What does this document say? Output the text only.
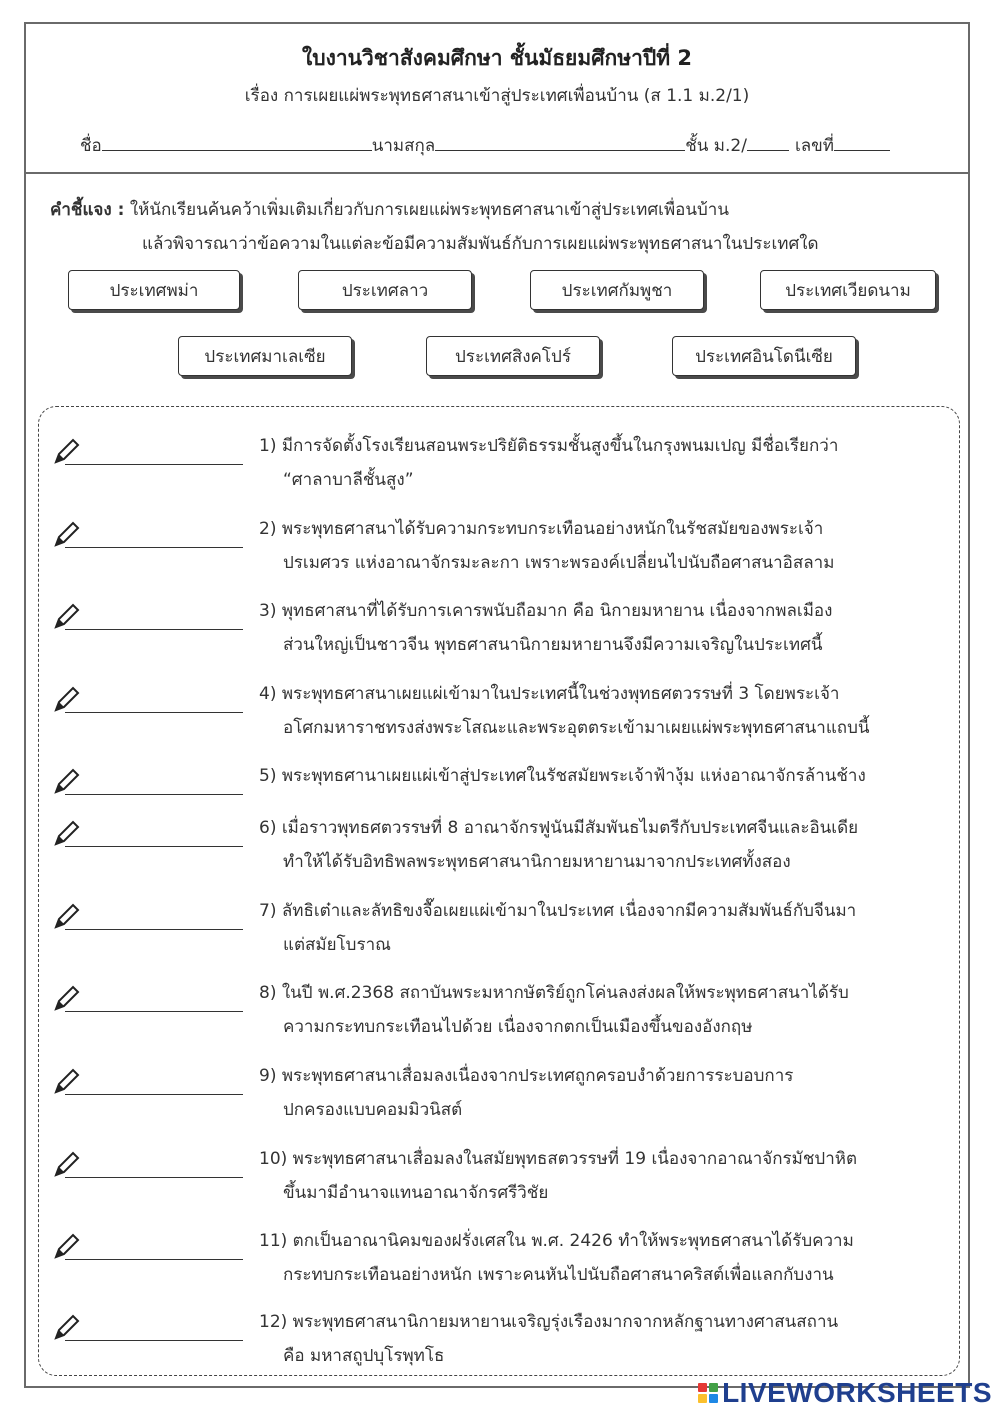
ใบงานวิชาสังคมศึกษา ชั้นมัธยมศึกษาปีที่ 2
เรื่อง การเผยแผ่พระพุทธศาสนาเข้าสู่ประเทศเพื่อนบ้าน (ส 1.1 ม.2/1)
ชื่อ	นามสกุล	ชั้น ม.2/	เลขที่
คำชี้แจง : ให้นักเรียนค้นคว้าเพิ่มเติมเกี่ยวกับการเผยแผ่พระพุทธศาสนาเข้าสู่ประเทศเพื่อนบ้าน
แล้วพิจารณาว่าข้อความในแต่ละข้อมีความสัมพันธ์กับการเผยแผ่พระพุทธศาสนาในประเทศใด
ประเทศพม่า	ประเทศลาว	ประเทศกัมพูชา	ประเทศเวียดนาม
ประเทศมาเลเซีย	ประเทศสิงคโปร์	ประเทศอินโดนีเซีย
1) มีการจัดตั้งโรงเรียนสอนพระปริยัติธรรมชั้นสูงขึ้นในกรุงพนมเปญ มีชื่อเรียกว่า
“ศาลาบาลีชั้นสูง”
2) พระพุทธศาสนาได้รับความกระทบกระเทือนอย่างหนักในรัชสมัยของพระเจ้า
ปรเมศวร แห่งอาณาจักรมะละกา เพราะพรองค์เปลี่ยนไปนับถือศาสนาอิสลาม
3) พุทธศาสนาที่ได้รับการเคารพนับถือมาก คือ นิกายมหายาน เนื่องจากพลเมือง
ส่วนใหญ่เป็นชาวจีน พุทธศาสนานิกายมหายานจึงมีความเจริญในประเทศนี้
4) พระพุทธศาสนาเผยแผ่เข้ามาในประเทศนี้ในช่วงพุทธศตวรรษที่ 3 โดยพระเจ้า
อโศกมหาราชทรงส่งพระโสณะและพระอุตตระเข้ามาเผยแผ่พระพุทธศาสนาแถบนี้
5) พระพุทธศานาเผยแผ่เข้าสู่ประเทศในรัชสมัยพระเจ้าฟ้างุ้ม แห่งอาณาจักรล้านช้าง
6) เมื่อราวพุทธศตวรรษที่ 8 อาณาจักรฟูนันมีสัมพันธไมตรีกับประเทศจีนและอินเดีย
ทำให้ได้รับอิทธิพลพระพุทธศาสนานิกายมหายานมาจากประเทศทั้งสอง
7) ลัทธิเต๋าและลัทธิขงจื๊อเผยแผ่เข้ามาในประเทศ เนื่องจากมีความสัมพันธ์กับจีนมา
แต่สมัยโบราณ
8) ในปี พ.ศ.2368 สถาบันพระมหากษัตริย์ถูกโค่นลงส่งผลให้พระพุทธศาสนาได้รับ
ความกระทบกระเทือนไปด้วย เนื่องจากตกเป็นเมืองขึ้นของอังกฤษ
9) พระพุทธศาสนาเสื่อมลงเนื่องจากประเทศถูกครอบงำด้วยการระบอบการ
ปกครองแบบคอมมิวนิสต์
10) พระพุทธศาสนาเสื่อมลงในสมัยพุทธสตวรรษที่ 19 เนื่องจากอาณาจักรมัชปาหิต
ขึ้นมามีอำนาจแทนอาณาจักรศรีวิชัย
11) ตกเป็นอาณานิคมของฝรั่งเศสใน พ.ศ. 2426 ทำให้พระพุทธศาสนาได้รับความ
กระทบกระเทือนอย่างหนัก เพราะคนหันไปนับถือศาสนาคริสต์เพื่อแลกกับงาน
12) พระพุทธศาสนานิกายมหายานเจริญรุ่งเรืองมากจากหลักฐานทางศาสนสถาน
คือ มหาสถูปบุโรพุทโธ
LIVEWORKSHEETS
